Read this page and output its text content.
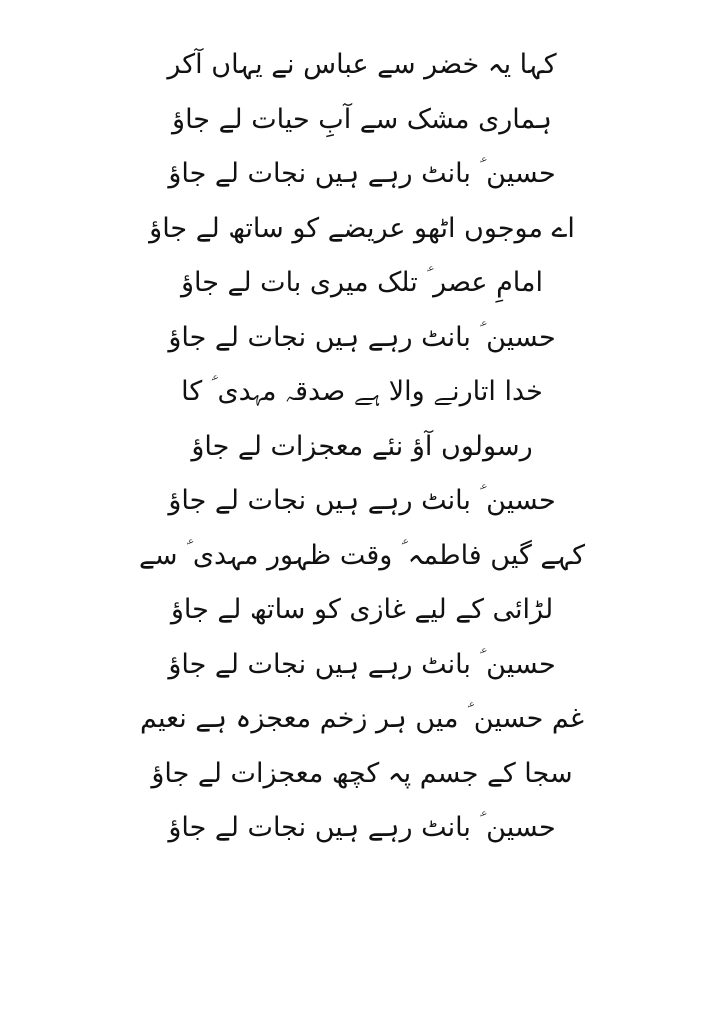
کہا یہ خضر سے عباس نے یہاں آکر
ہماری مشک سے آبِ حیات لے جاؤ
حسین ؑ بانٹ رہے ہیں نجات لے جاؤ
اے موجوں اٹھو عریضے کو ساتھ لے جاؤ
امامِ عصر ؑ تلک میری بات لے جاؤ
حسین ؑ بانٹ رہے ہیں نجات لے جاؤ
خدا اتارنے والا ہے صدقہ مہدی ؑ کا
رسولوں آؤ نئے معجزات لے جاؤ
حسین ؑ بانٹ رہے ہیں نجات لے جاؤ
کہے گیں فاطمہ ؑ وقت ظہور مہدی ؑ سے
لڑائی کے لیے غازی کو ساتھ لے جاؤ
حسین ؑ بانٹ رہے ہیں نجات لے جاؤ
غم حسین ؑ میں ہر زخم معجزہ ہے نعیم
سجا کے جسم پہ کچھ معجزات لے جاؤ
حسین ؑ بانٹ رہے ہیں نجات لے جاؤ
